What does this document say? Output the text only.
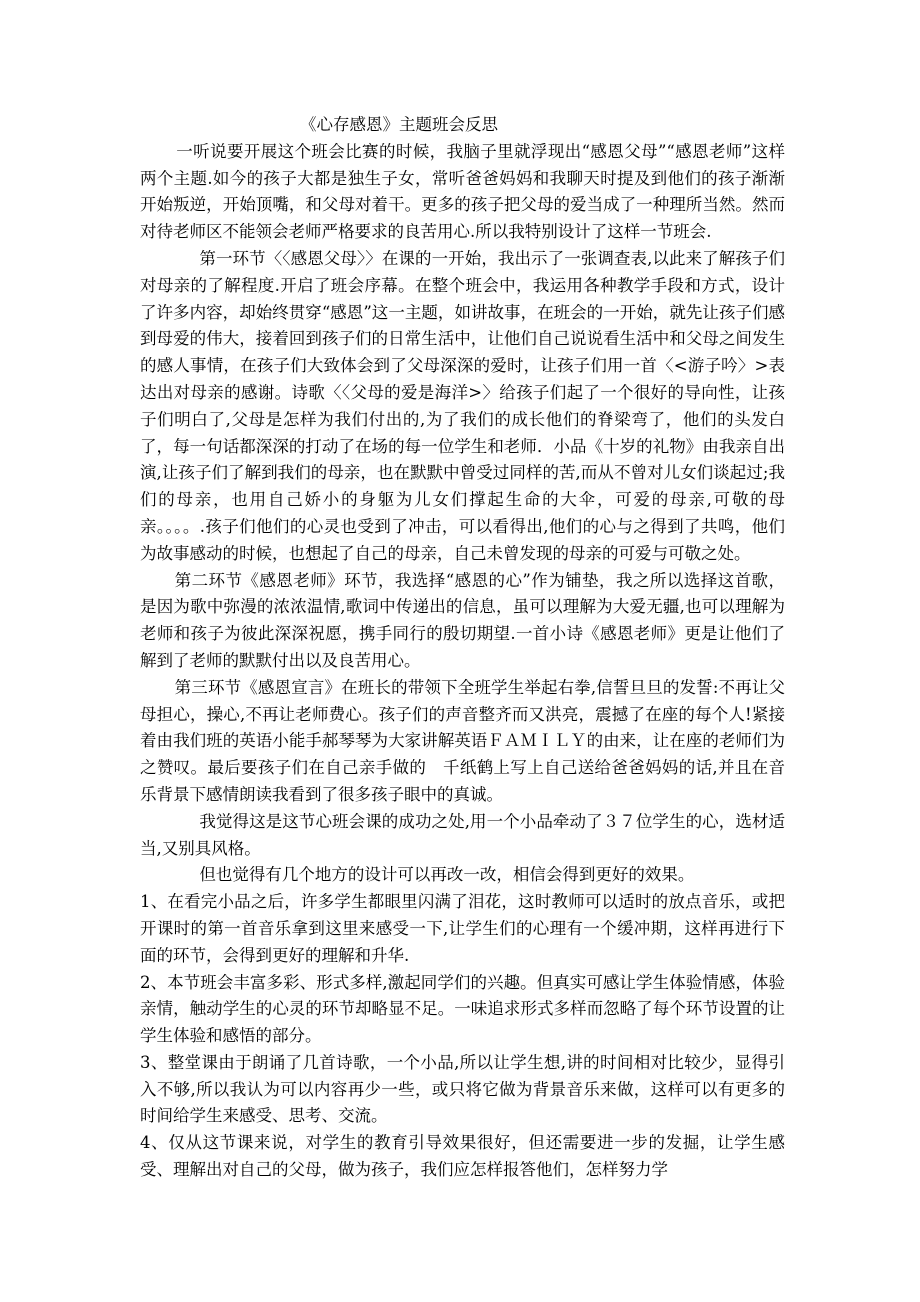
《心存感恩》主题班会反思

一听说要开展这个班会比赛的时候，我脑子里就浮现出“感恩父母”“感恩老师”这样两个主题.如今的孩子大都是独生子女，常听爸爸妈妈和我聊天时提及到他们的孩子渐渐开始叛逆，开始顶嘴，和父母对着干。更多的孩子把父母的爱当成了一种理所当然。然而对待老师区不能领会老师严格要求的良苦用心.所以我特别设计了这样一节班会.

第一环节〈〈感恩父母〉〉在课的一开始，我出示了一张调查表,以此来了解孩子们对母亲的了解程度.开启了班会序幕。在整个班会中，我运用各种教学手段和方式，设计了许多内容，却始终贯穿“感恩”这一主题，如讲故事，在班会的一开始，就先让孩子们感到母爱的伟大，接着回到孩子们的日常生活中，让他们自己说说看生活中和父母之间发生的感人事情，在孩子们大致体会到了父母深深的爱时，让孩子们用一首〈<游子吟〉>表达出对母亲的感谢。诗歌〈〈父母的爱是海洋>〉给孩子们起了一个很好的导向性，让孩子们明白了,父母是怎样为我们付出的,为了我们的成长他们的脊梁弯了，他们的头发白了，每一句话都深深的打动了在场的每一位学生和老师．小品《十岁的礼物》由我亲自出演,让孩子们了解到我们的母亲，也在默默中曾受过同样的苦,而从不曾对儿女们谈起过;我们的母亲，也用自己娇小的身躯为儿女们撑起生命的大伞，可爱的母亲,可敬的母亲。。。。.孩子们他们的心灵也受到了冲击，可以看得出,他们的心与之得到了共鸣，他们为故事感动的时候，也想起了自己的母亲，自己未曾发现的母亲的可爱与可敬之处。

第二环节《感恩老师》环节，我选择“感恩的心”作为铺垫，我之所以选择这首歌，是因为歌中弥漫的浓浓温情,歌词中传递出的信息，虽可以理解为大爱无疆,也可以理解为老师和孩子为彼此深深祝愿，携手同行的殷切期望.一首小诗《感恩老师》更是让他们了解到了老师的默默付出以及良苦用心。

第三环节《感恩宣言》在班长的带领下全班学生举起右拳,信誓旦旦的发誓:不再让父母担心，操心,不再让老师费心。孩子们的声音整齐而又洪亮，震撼了在座的每个人!紧接着由我们班的英语小能手郝琴琴为大家讲解英语ＦＡＭＩＬＹ的由来，让在座的老师们为之赞叹。最后要孩子们在自己亲手做的　千纸鹤上写上自己送给爸爸妈妈的话,并且在音乐背景下感情朗读我看到了很多孩子眼中的真诚。

我觉得这是这节心班会课的成功之处,用一个小品牵动了３７位学生的心，选材适当,又别具风格。

但也觉得有几个地方的设计可以再改一改，相信会得到更好的效果。

1、在看完小品之后，许多学生都眼里闪满了泪花，这时教师可以适时的放点音乐，或把开课时的第一首音乐拿到这里来感受一下,让学生们的心理有一个缓冲期，这样再进行下面的环节，会得到更好的理解和升华.

2、本节班会丰富多彩、形式多样,激起同学们的兴趣。但真实可感让学生体验情感，体验亲情，触动学生的心灵的环节却略显不足。一味追求形式多样而忽略了每个环节设置的让学生体验和感悟的部分。

3、整堂课由于朗诵了几首诗歌，一个小品,所以让学生想,讲的时间相对比较少，显得引入不够,所以我认为可以内容再少一些，或只将它做为背景音乐来做，这样可以有更多的时间给学生来感受、思考、交流。

4、仅从这节课来说，对学生的教育引导效果很好，但还需要进一步的发掘，让学生感受、理解出对自己的父母，做为孩子，我们应怎样报答他们，怎样努力学
